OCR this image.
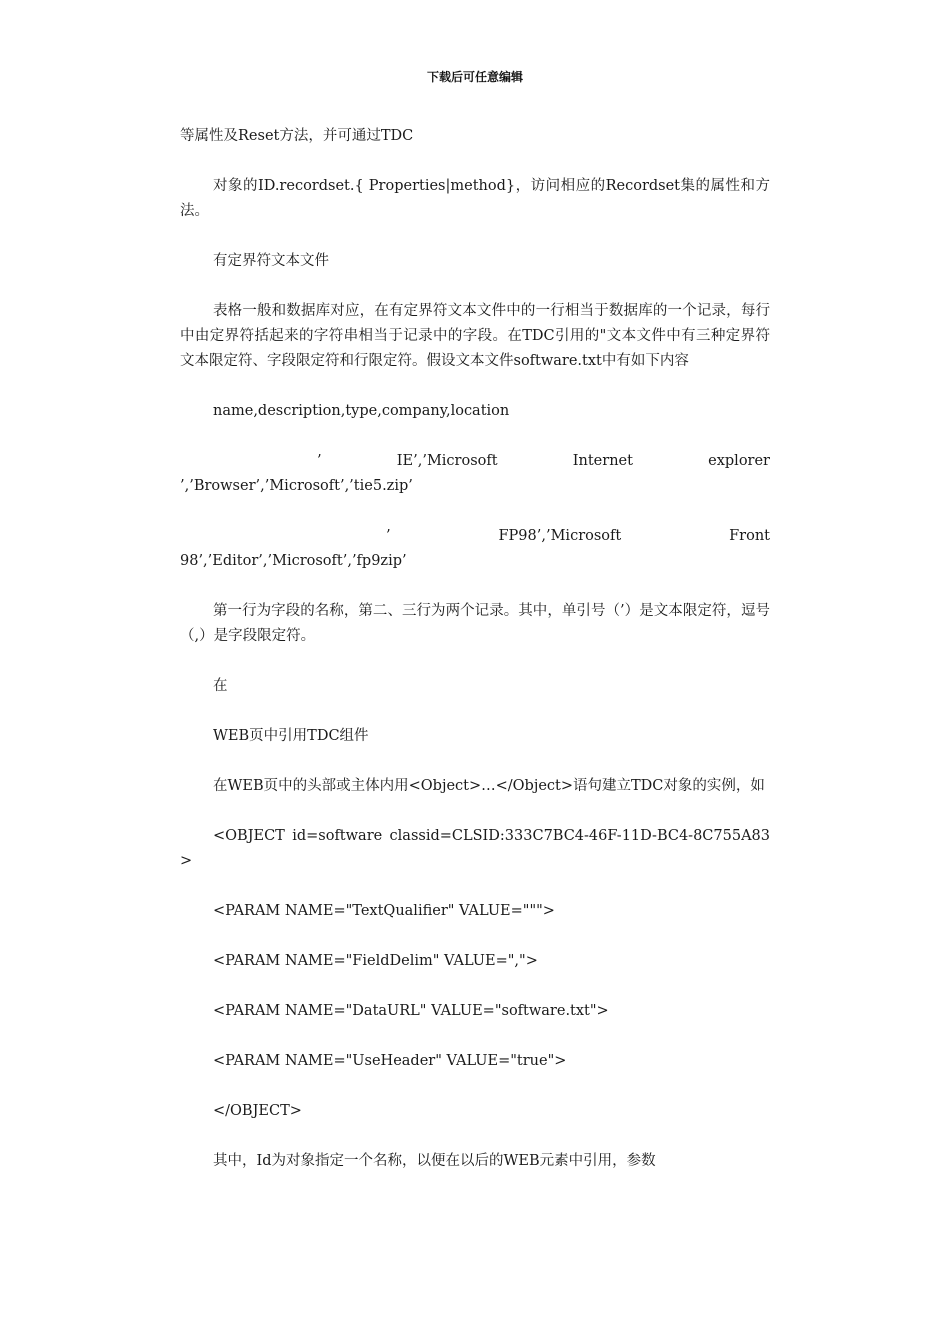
下载后可任意编辑

等属性及Reset方法，并可通过TDC

对象的ID.recordset.{ Properties|method}，访问相应的Recordset集的属性和方法。

有定界符文本文件

表格一般和数据库对应，在有定界符文本文件中的一行相当于数据库的一个记录，每行中由定界符括起来的字符串相当于记录中的字段。在TDC引用的"文本文件中有三种定界符文本限定符、字段限定符和行限定符。假设文本文件software.txt中有如下内容

name,description,type,company,location

’　　IE’,’Microsoft　　Internet　　explorer
’,’Browser’,’Microsoft’,’tie5.zip’
’　　　FP98’,’Microsoft　　　Front
98’,’Editor’,’Microsoft’,’fp9zip’

第一行为字段的名称，第二、三行为两个记录。其中，单引号（’）是文本限定符，逗号（,）是字段限定符。

在

WEB页中引用TDC组件

在WEB页中的头部或主体内用<Object>…</Object>语句建立TDC对象的实例，如

<OBJECT id=software classid=CLSID:333C7BC4-46F-11D-BC4-8C755A83>

<PARAM NAME="TextQualifier" VALUE=""">

<PARAM NAME="FieldDelim" VALUE=",">

<PARAM NAME="DataURL" VALUE="software.txt">

<PARAM NAME="UseHeader" VALUE="true">

</OBJECT>

其中，Id为对象指定一个名称，以便在以后的WEB元素中引用，参数
